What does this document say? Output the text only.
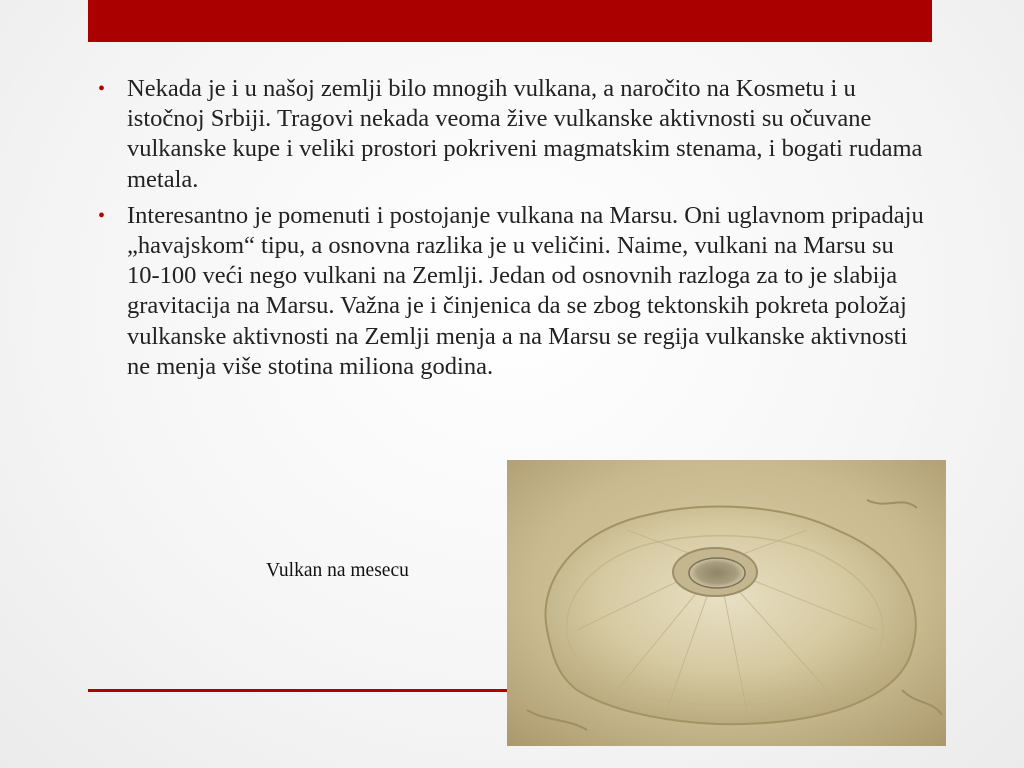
• Nekada je i u našoj zemlji bilo mnogih vulkana, a naročito na Kosmetu i u istočnoj Srbiji. Tragovi nekada veoma žive vulkanske aktivnosti su očuvane vulkanske kupe i veliki prostori pokriveni magmatskim stenama, i bogati rudama metala.
• Interesantno je pomenuti i postojanje vulkana na Marsu. Oni uglavnom pripadaju „havajskom“ tipu, a osnovna razlika je u veličini. Naime, vulkani na Marsu su 10-100 veći nego vulkani na Zemlji. Jedan od osnovnih razloga za to je slabija gravitacija na Marsu. Važna je i činjenica da se zbog tektonskih pokreta položaj vulkanske aktivnosti na Zemlji menja a na Marsu se regija vulkanske aktivnosti ne menja više stotina miliona godina.
Vulkan na mesecu
